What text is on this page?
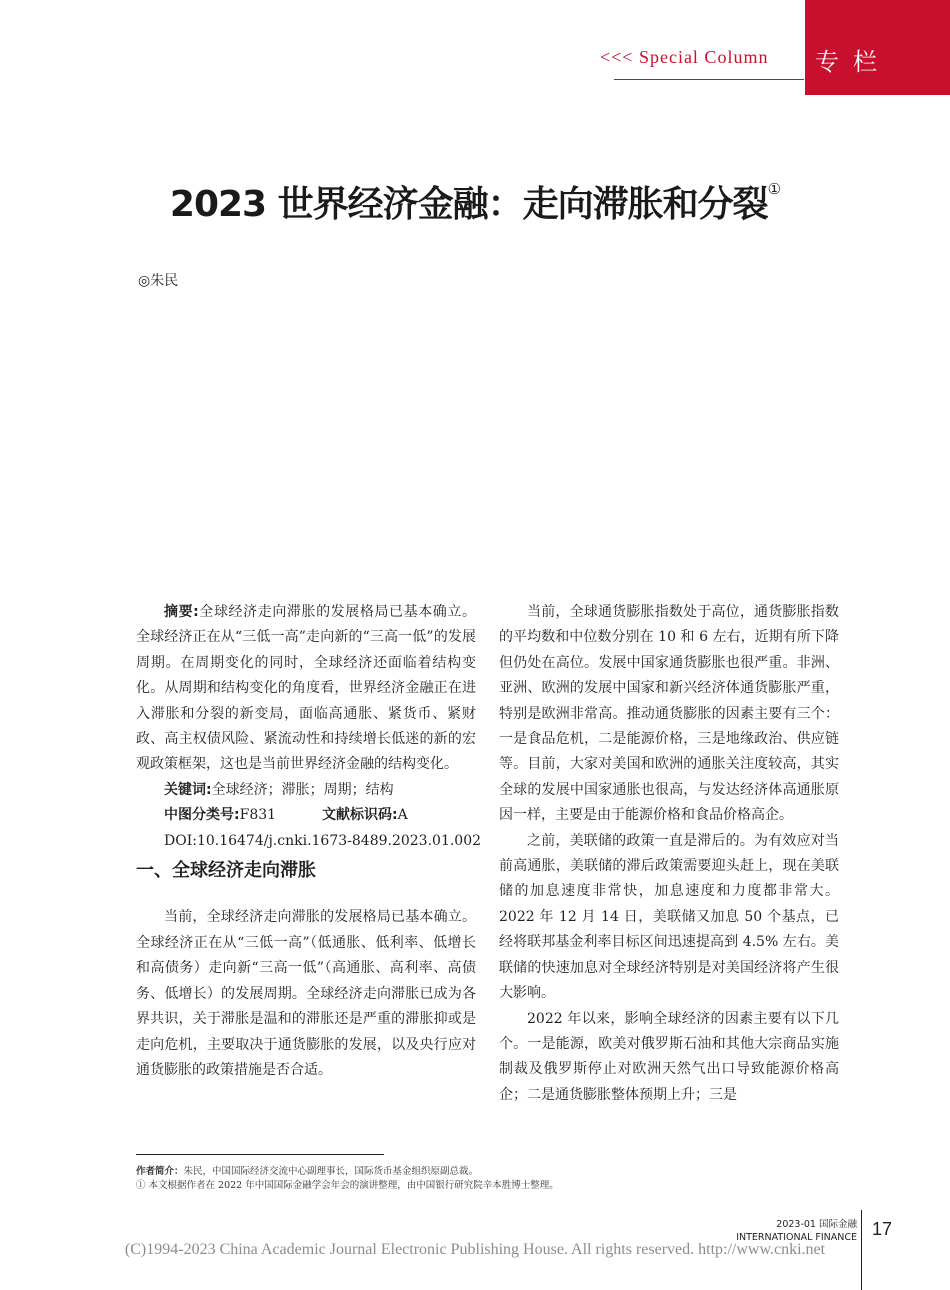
<<< Special Column	专栏
2023 世界经济金融：走向滞胀和分裂①
◎朱民

摘要:全球经济走向滞胀的发展格局已基本确立。全球经济正在从“三低一高”走向新的“三高一低”的发展周期。在周期变化的同时，全球经济还面临着结构变化。从周期和结构变化的角度看，世界经济金融正在进入滞胀和分裂的新变局，面临高通胀、紧货币、紧财政、高主权债风险、紧流动性和持续增长低迷的新的宏观政策框架，这也是当前世界经济金融的结构变化。

关键词:全球经济；滞胀；周期；结构

中图分类号:F831	文献标识码:A
DOI:10.16474/j.cnki.1673-8489.2023.01.002
一、全球经济走向滞胀

当前，全球经济走向滞胀的发展格局已基本确立。全球经济正在从“三低一高”（低通胀、低利率、低增长和高债务）走向新“三高一低”（高通胀、高利率、高债务、低增长）的发展周期。全球经济走向滞胀已成为各界共识，关于滞胀是温和的滞胀还是严重的滞胀抑或是走向危机，主要取决于通货膨胀的发展，以及央行应对通货膨胀的政策措施是否合适。

当前，全球通货膨胀指数处于高位，通货膨胀指数的平均数和中位数分别在 10 和 6 左右，近期有所下降但仍处在高位。发展中国家通货膨胀也很严重。非洲、亚洲、欧洲的发展中国家和新兴经济体通货膨胀严重，特别是欧洲非常高。推动通货膨胀的因素主要有三个：一是食品危机，二是能源价格，三是地缘政治、供应链等。目前，大家对美国和欧洲的通胀关注度较高，其实全球的发展中国家通胀也很高，与发达经济体高通胀原因一样，主要是由于能源价格和食品价格高企。

之前，美联储的政策一直是滞后的。为有效应对当前高通胀，美联储的滞后政策需要迎头赶上，现在美联储的加息速度非常快，加息速度和力度都非常大。2022 年 12 月 14 日，美联储又加息 50 个基点，已经将联邦基金利率目标区间迅速提高到 4.5% 左右。美联储的快速加息对全球经济特别是对美国经济将产生很大影响。

2022 年以来，影响全球经济的因素主要有以下几个。一是能源，欧美对俄罗斯石油和其他大宗商品实施制裁及俄罗斯停止对欧洲天然气出口导致能源价格高企；二是通货膨胀整体预期上升；三是

作者简介：朱民，中国国际经济交流中心副理事长，国际货币基金组织原副总裁。
① 本文根据作者在 2022 年中国国际金融学会年会的演讲整理，由中国银行研究院辛本胜博士整理。
2023-01 国际金融
INTERNATIONAL FINANCE 17
(C)1994-2023 China Academic Journal Electronic Publishing House. All rights reserved. http://www.cnki.net
